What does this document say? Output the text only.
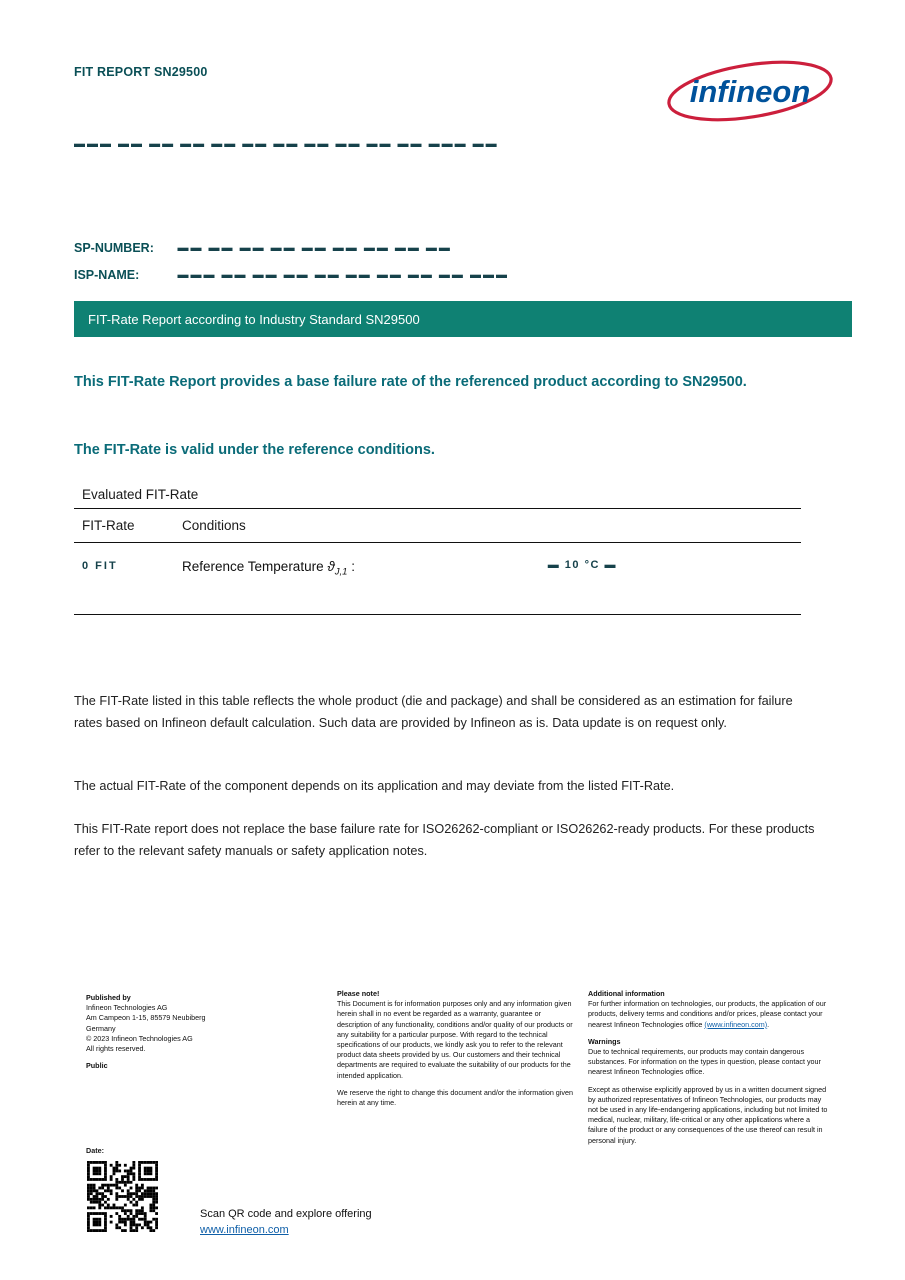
FIT REPORT SN29500
infineon
▬▬▬ ▬▬ ▬▬ ▬▬ ▬▬ ▬▬ ▬▬ ▬▬ ▬▬ ▬▬ ▬▬ ▬▬▬ ▬▬
SP-NUMBER: ▬▬ ▬▬ ▬▬ ▬▬ ▬▬ ▬▬ ▬▬ ▬▬ ▬▬
ISP-NAME:	▬▬▬ ▬▬ ▬▬ ▬▬ ▬▬ ▬▬ ▬▬ ▬▬ ▬▬ ▬▬▬
FIT-Rate Report according to Industry Standard SN29500
This FIT-Rate Report provides a base failure rate of the referenced product according to SN29500.
The FIT-Rate is valid under the reference conditions.
Evaluated FIT-Rate
FIT-Rate	Conditions
0 FIT	Reference Temperature $ϑ_{J,1}$ :	▬ 10 °C ▬
The FIT-Rate listed in this table reflects the whole product (die and package) and shall be considered as an estimation for failure rates based on Infineon default calculation. Such data are provided by Infineon as is. Data update is on request only.
The actual FIT-Rate of the component depends on its application and may deviate from the listed FIT-Rate.
This FIT-Rate report does not replace the base failure rate for ISO26262-compliant or ISO26262-ready products. For these products refer to the relevant safety manuals or safety application notes.
Published by
Infineon Technologies AG
Am Campeon 1-15, 85579 Neubiberg
Germany
© 2023 Infineon Technologies AG
All rights reserved.
Public
Please note!
This Document is for information purposes only and any information given herein shall in no event be regarded as a warranty, guarantee or description of any functionality, conditions and/or quality of our products or any suitability for a particular purpose. With regard to the technical specifications of our products, we kindly ask you to refer to the relevant product data sheets provided by us. Our customers and their technical departments are required to evaluate the suitability of our products for the intended application.
We reserve the right to change this document and/or the information given herein at any time.
Additional information
For further information on technologies, our products, the application of our products, delivery terms and conditions and/or prices, please contact your nearest Infineon Technologies office (www.infineon.com).
Warnings
Due to technical requirements, our products may contain dangerous substances. For information on the types in question, please contact your nearest Infineon Technologies office.
Except as otherwise explicitly approved by us in a written document signed by authorized representatives of Infineon Technologies, our products may not be used in any life-endangering applications, including but not limited to medical, nuclear, military, life-critical or any other applications where a failure of the product or any consequences of the use thereof can result in personal injury.
Date:
Scan QR code and explore offering
www.infineon.com
